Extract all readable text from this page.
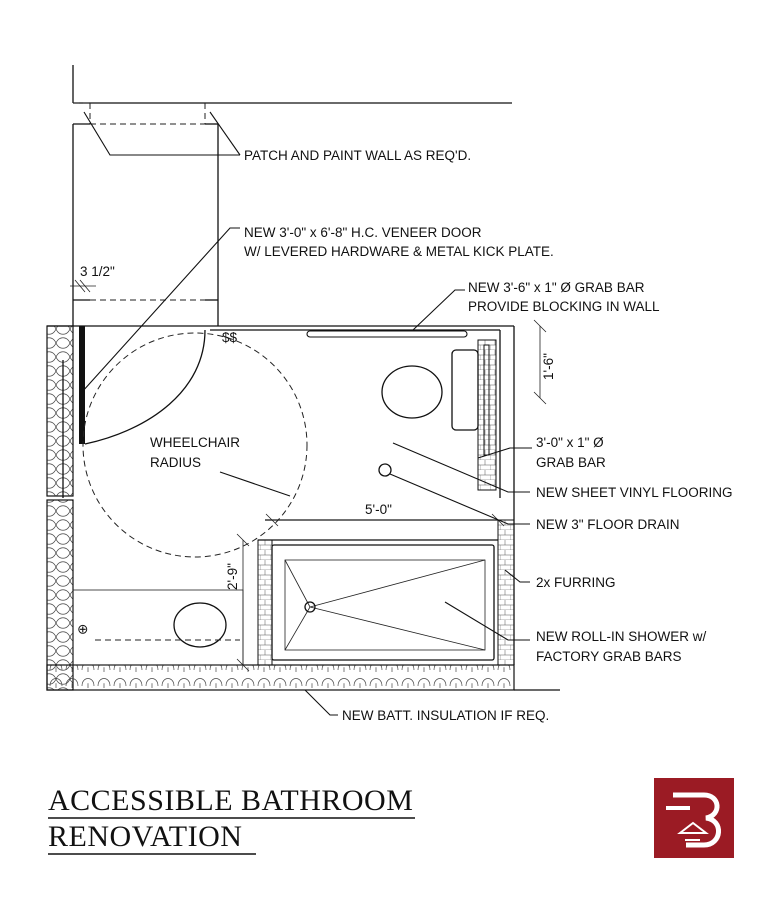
PATCH AND PAINT WALL AS REQ'D.
NEW 3'-0" x 6'-8" H.C. VENEER DOOR
W/ LEVERED HARDWARE & METAL KICK PLATE.
NEW 3'-6" x 1" Ø GRAB BAR
PROVIDE BLOCKING IN WALL
3'-0" x 1" Ø
GRAB BAR
NEW SHEET VINYL FLOORING
NEW 3" FLOOR DRAIN
2x FURRING
NEW ROLL-IN SHOWER w/
FACTORY GRAB BARS
NEW BATT. INSULATION IF REQ.
WHEELCHAIR
RADIUS
$$
⊕
3 1/2"
1'-6"
5'-0"
2'-9"
ACCESSIBLE BATHROOM
RENOVATION
